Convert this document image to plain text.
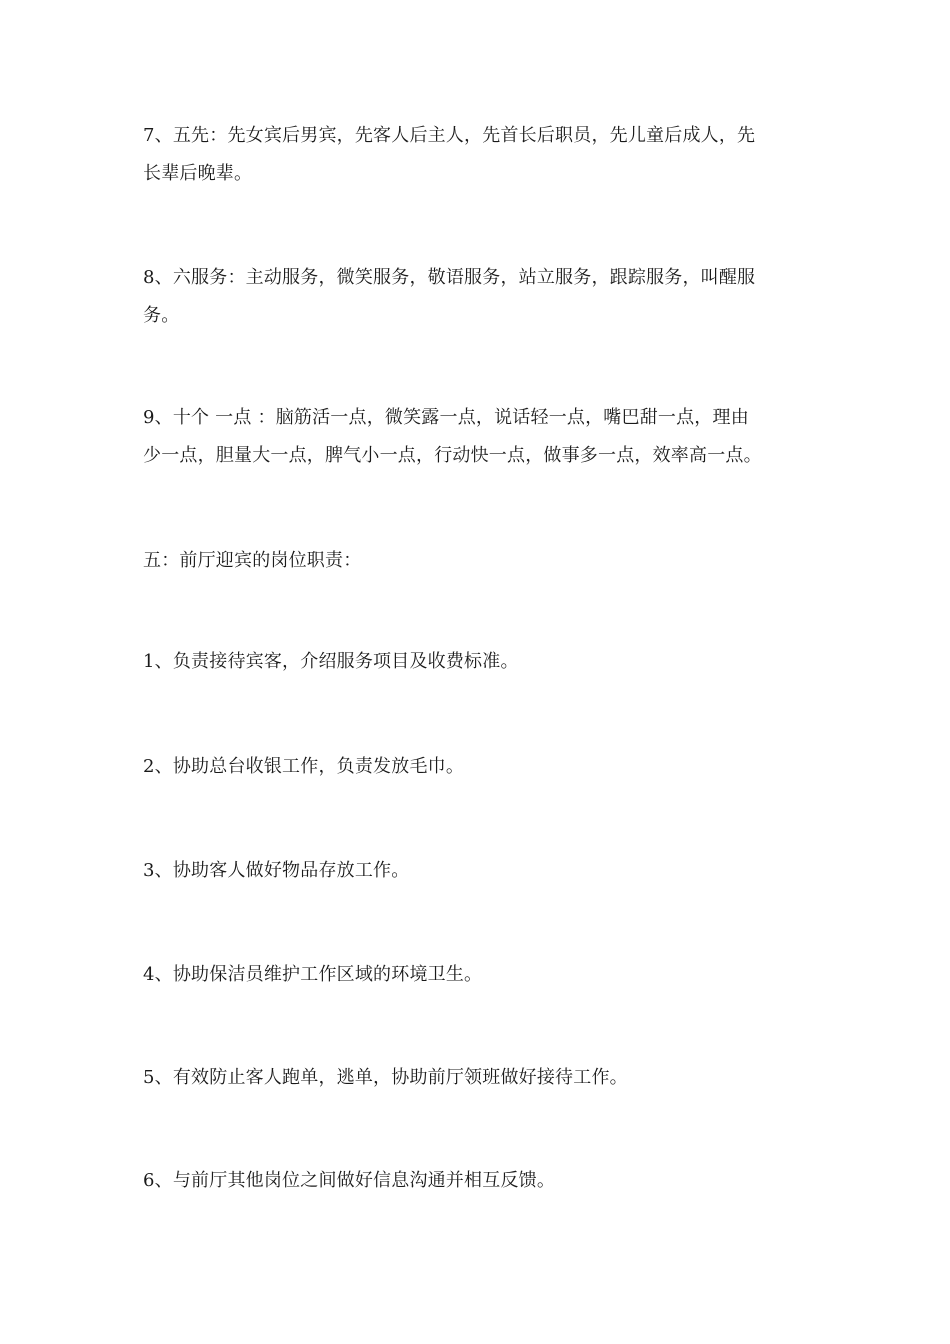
7、五先：先女宾后男宾，先客人后主人，先首长后职员，先儿童后成人，先
长辈后晚辈。
8、六服务：主动服务，微笑服务，敬语服务，站立服务，跟踪服务，叫醒服
务。
9、十个 一点 ：脑筋活一点，微笑露一点，说话轻一点，嘴巴甜一点，理由
少一点，胆量大一点，脾气小一点，行动快一点，做事多一点，效率高一点。
五：前厅迎宾的岗位职责：
1、负责接待宾客，介绍服务项目及收费标准。
2、协助总台收银工作，负责发放毛巾。
3、协助客人做好物品存放工作。
4、协助保洁员维护工作区域的环境卫生。
5、有效防止客人跑单，逃单，协助前厅领班做好接待工作。
6、与前厅其他岗位之间做好信息沟通并相互反馈。
